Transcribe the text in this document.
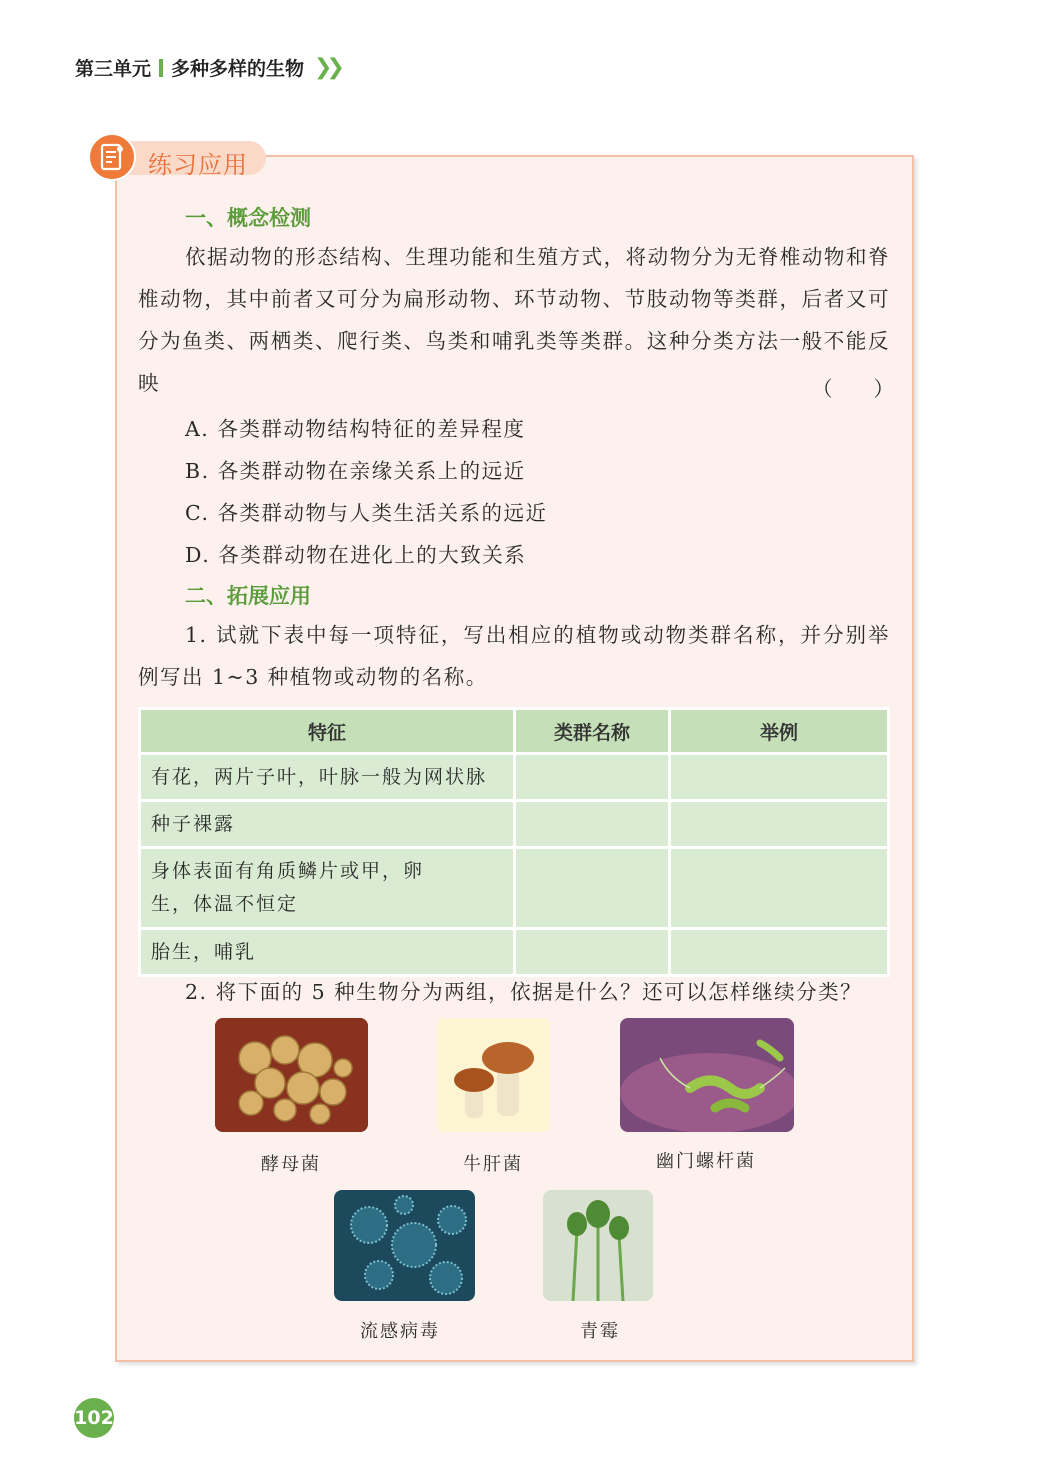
第三单元 多种多样的生物 ❯❯
练习应用
一、概念检测
依据动物的形态结构、生理功能和生殖方式，将动物分为无脊椎动物和脊椎动物，其中前者又可分为扁形动物、环节动物、节肢动物等类群，后者又可分为鱼类、两栖类、爬行类、鸟类和哺乳类等类群。这种分类方法一般不能反映	（　　）
A. 各类群动物结构特征的差异程度
B. 各类群动物在亲缘关系上的远近
C. 各类群动物与人类生活关系的远近
D. 各类群动物在进化上的大致关系
二、拓展应用
1. 试就下表中每一项特征，写出相应的植物或动物类群名称，并分别举例写出 1~3 种植物或动物的名称。
特征	类群名称	举例
有花，两片子叶，叶脉一般为网状脉		
种子裸露		
身体表面有角质鳞片或甲，卵生，体温不恒定		
胎生，哺乳		
2. 将下面的 5 种生物分为两组，依据是什么？还可以怎样继续分类？
酵母菌	牛肝菌	幽门螺杆菌
流感病毒	青霉
102
